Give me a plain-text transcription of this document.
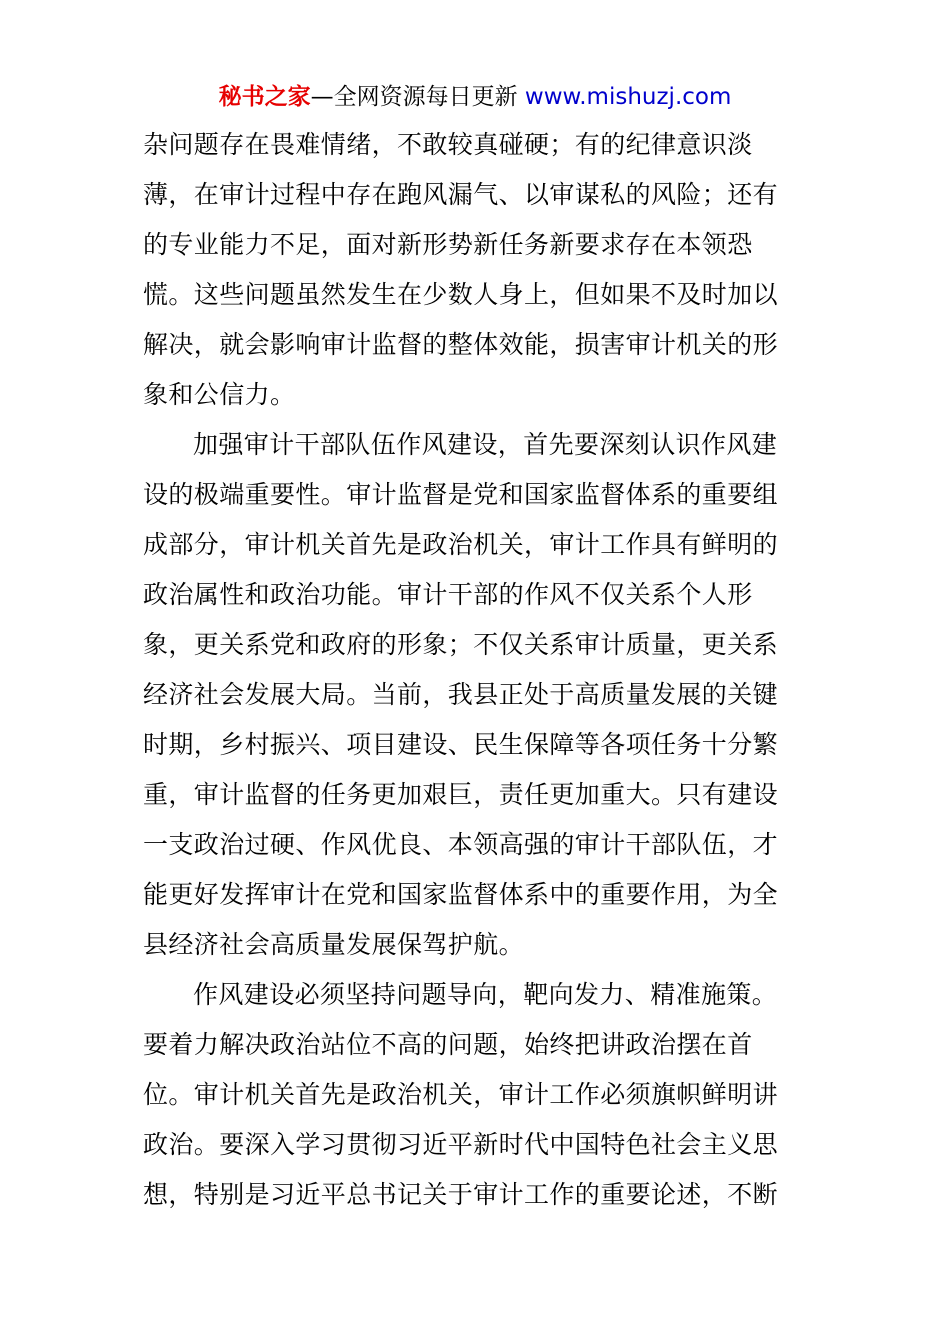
秘书之家—全网资源每日更新 www.mishuzj.com
杂问题存在畏难情绪，不敢较真碰硬；有的纪律意识淡
薄，在审计过程中存在跑风漏气、以审谋私的风险；还有
的专业能力不足，面对新形势新任务新要求存在本领恐
慌。这些问题虽然发生在少数人身上，但如果不及时加以
解决，就会影响审计监督的整体效能，损害审计机关的形
象和公信力。
加强审计干部队伍作风建设，首先要深刻认识作风建
设的极端重要性。审计监督是党和国家监督体系的重要组
成部分，审计机关首先是政治机关，审计工作具有鲜明的
政治属性和政治功能。审计干部的作风不仅关系个人形
象，更关系党和政府的形象；不仅关系审计质量，更关系
经济社会发展大局。当前，我县正处于高质量发展的关键
时期，乡村振兴、项目建设、民生保障等各项任务十分繁
重，审计监督的任务更加艰巨，责任更加重大。只有建设
一支政治过硬、作风优良、本领高强的审计干部队伍，才
能更好发挥审计在党和国家监督体系中的重要作用，为全
县经济社会高质量发展保驾护航。
作风建设必须坚持问题导向，靶向发力、精准施策。
要着力解决政治站位不高的问题，始终把讲政治摆在首
位。审计机关首先是政治机关，审计工作必须旗帜鲜明讲
政治。要深入学习贯彻习近平新时代中国特色社会主义思
想，特别是习近平总书记关于审计工作的重要论述，不断
